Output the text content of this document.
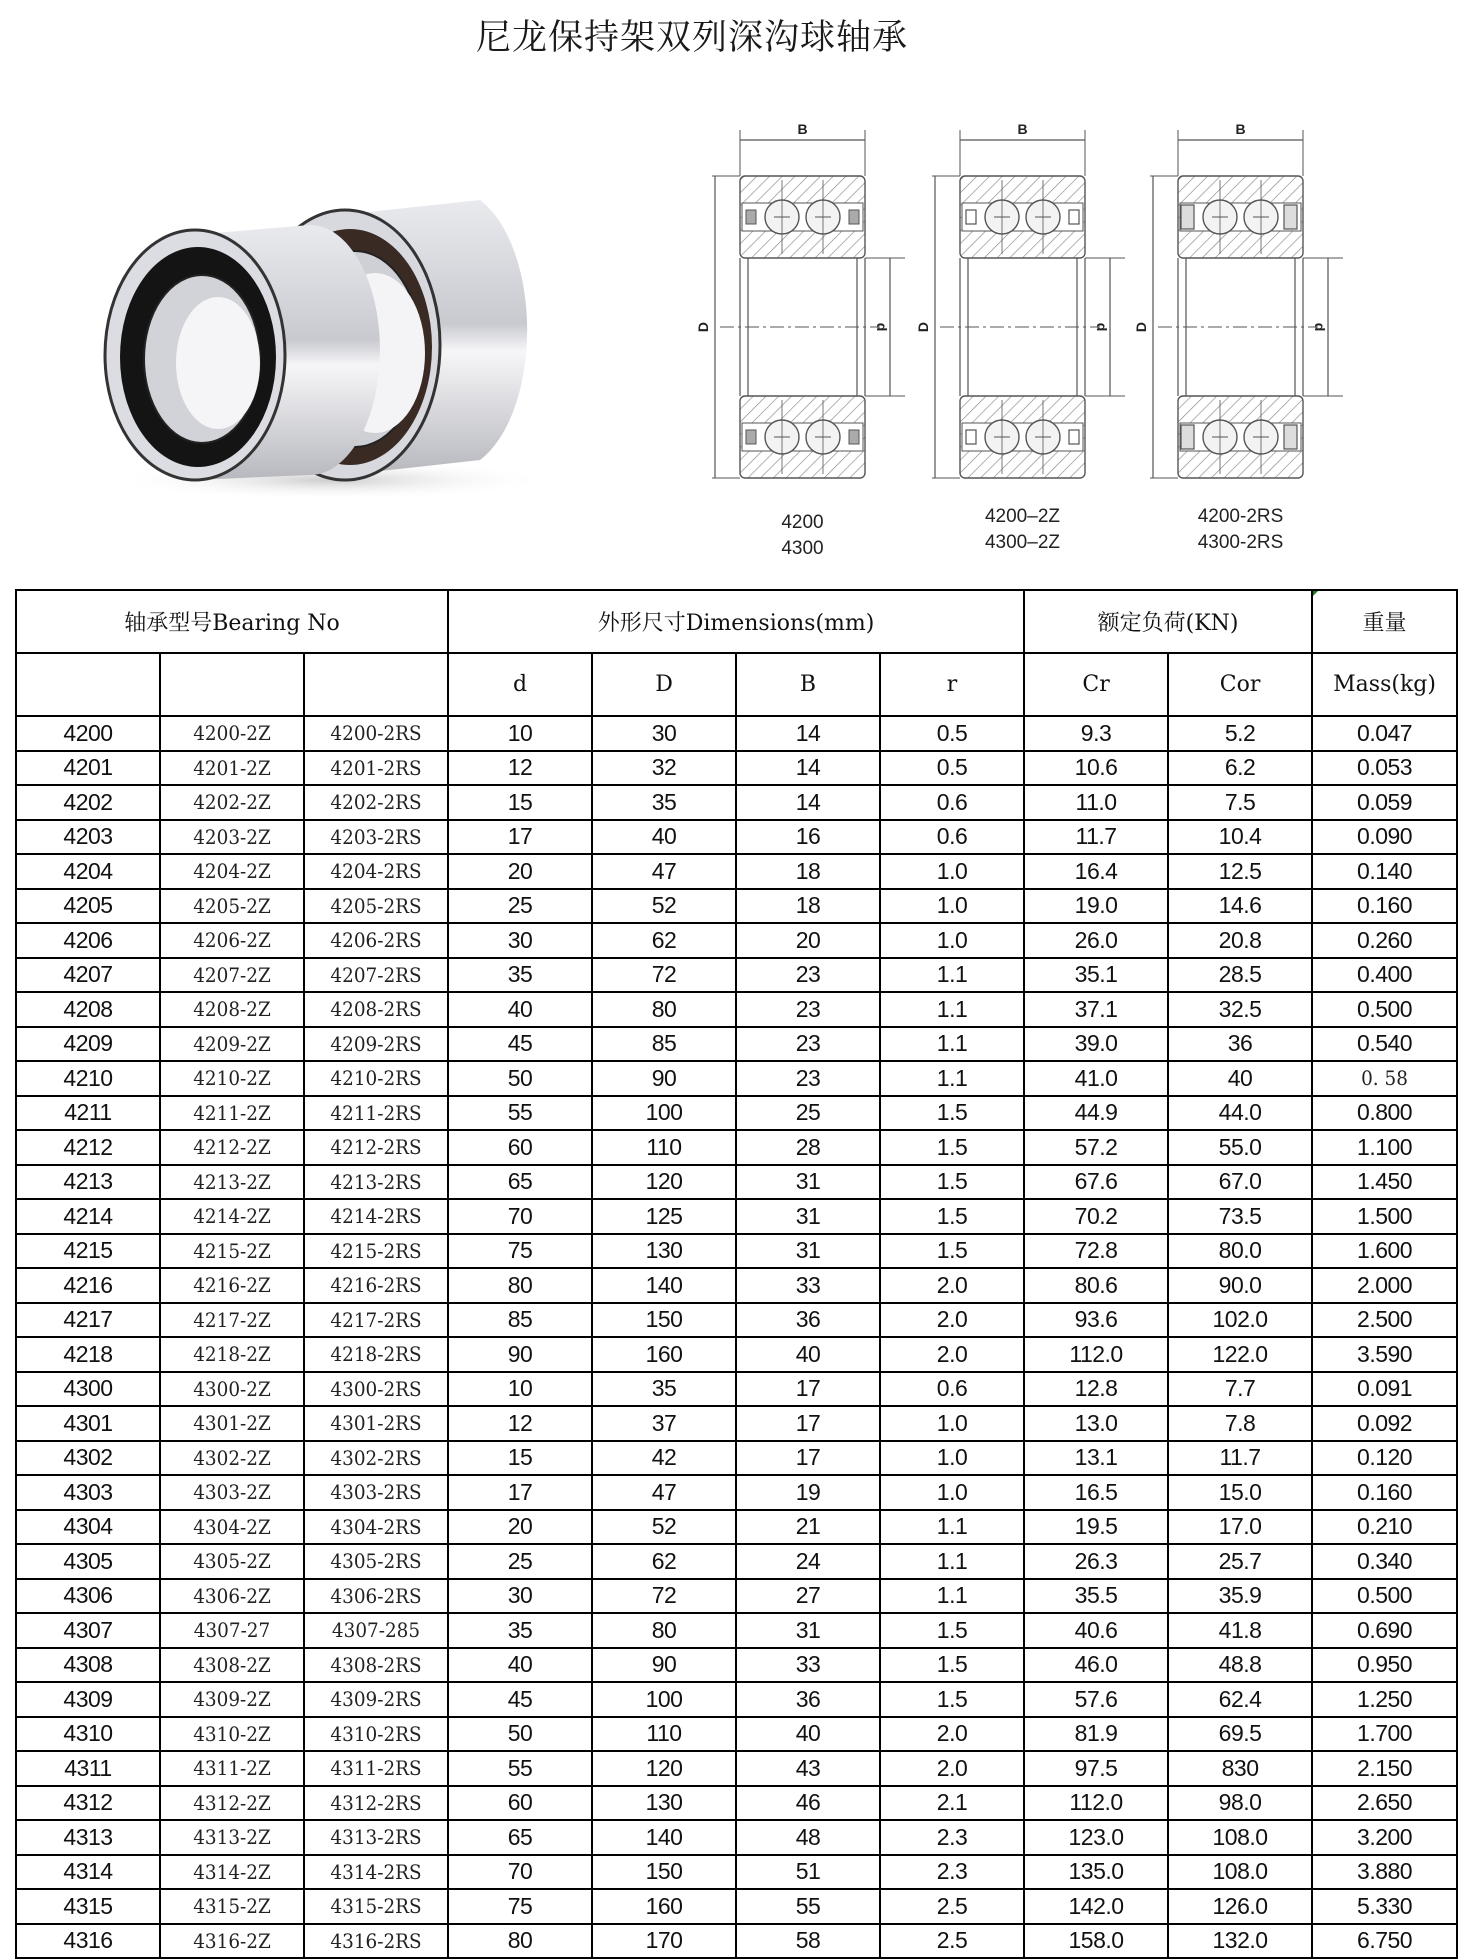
尼龙保持架双列深沟球轴承
B
D	d
4200
4300
B
D	d
4200–2Z
4300–2Z
B
D	d
4200-2RS
4300-2RS
轴承型号Bearing No			外形尺寸Dimensions(mm)				额定负荷(KN)		重量
			d	D	B	r	Cr	Cor	Mass(kg)
4200	4200-2Z	4200-2RS	10	30	14	0.5	9.3	5.2	0.047
4201	4201-2Z	4201-2RS	12	32	14	0.5	10.6	6.2	0.053
4202	4202-2Z	4202-2RS	15	35	14	0.6	11.0	7.5	0.059
4203	4203-2Z	4203-2RS	17	40	16	0.6	11.7	10.4	0.090
4204	4204-2Z	4204-2RS	20	47	18	1.0	16.4	12.5	0.140
4205	4205-2Z	4205-2RS	25	52	18	1.0	19.0	14.6	0.160
4206	4206-2Z	4206-2RS	30	62	20	1.0	26.0	20.8	0.260
4207	4207-2Z	4207-2RS	35	72	23	1.1	35.1	28.5	0.400
4208	4208-2Z	4208-2RS	40	80	23	1.1	37.1	32.5	0.500
4209	4209-2Z	4209-2RS	45	85	23	1.1	39.0	36	0.540
4210	4210-2Z	4210-2RS	50	90	23	1.1	41.0	40	0. 58
4211	4211-2Z	4211-2RS	55	100	25	1.5	44.9	44.0	0.800
4212	4212-2Z	4212-2RS	60	110	28	1.5	57.2	55.0	1.100
4213	4213-2Z	4213-2RS	65	120	31	1.5	67.6	67.0	1.450
4214	4214-2Z	4214-2RS	70	125	31	1.5	70.2	73.5	1.500
4215	4215-2Z	4215-2RS	75	130	31	1.5	72.8	80.0	1.600
4216	4216-2Z	4216-2RS	80	140	33	2.0	80.6	90.0	2.000
4217	4217-2Z	4217-2RS	85	150	36	2.0	93.6	102.0	2.500
4218	4218-2Z	4218-2RS	90	160	40	2.0	112.0	122.0	3.590
4300	4300-2Z	4300-2RS	10	35	17	0.6	12.8	7.7	0.091
4301	4301-2Z	4301-2RS	12	37	17	1.0	13.0	7.8	0.092
4302	4302-2Z	4302-2RS	15	42	17	1.0	13.1	11.7	0.120
4303	4303-2Z	4303-2RS	17	47	19	1.0	16.5	15.0	0.160
4304	4304-2Z	4304-2RS	20	52	21	1.1	19.5	17.0	0.210
4305	4305-2Z	4305-2RS	25	62	24	1.1	26.3	25.7	0.340
4306	4306-2Z	4306-2RS	30	72	27	1.1	35.5	35.9	0.500
4307	4307-27	4307-285	35	80	31	1.5	40.6	41.8	0.690
4308	4308-2Z	4308-2RS	40	90	33	1.5	46.0	48.8	0.950
4309	4309-2Z	4309-2RS	45	100	36	1.5	57.6	62.4	1.250
4310	4310-2Z	4310-2RS	50	110	40	2.0	81.9	69.5	1.700
4311	4311-2Z	4311-2RS	55	120	43	2.0	97.5	830	2.150
4312	4312-2Z	4312-2RS	60	130	46	2.1	112.0	98.0	2.650
4313	4313-2Z	4313-2RS	65	140	48	2.3	123.0	108.0	3.200
4314	4314-2Z	4314-2RS	70	150	51	2.3	135.0	108.0	3.880
4315	4315-2Z	4315-2RS	75	160	55	2.5	142.0	126.0	5.330
4316	4316-2Z	4316-2RS	80	170	58	2.5	158.0	132.0	6.750
